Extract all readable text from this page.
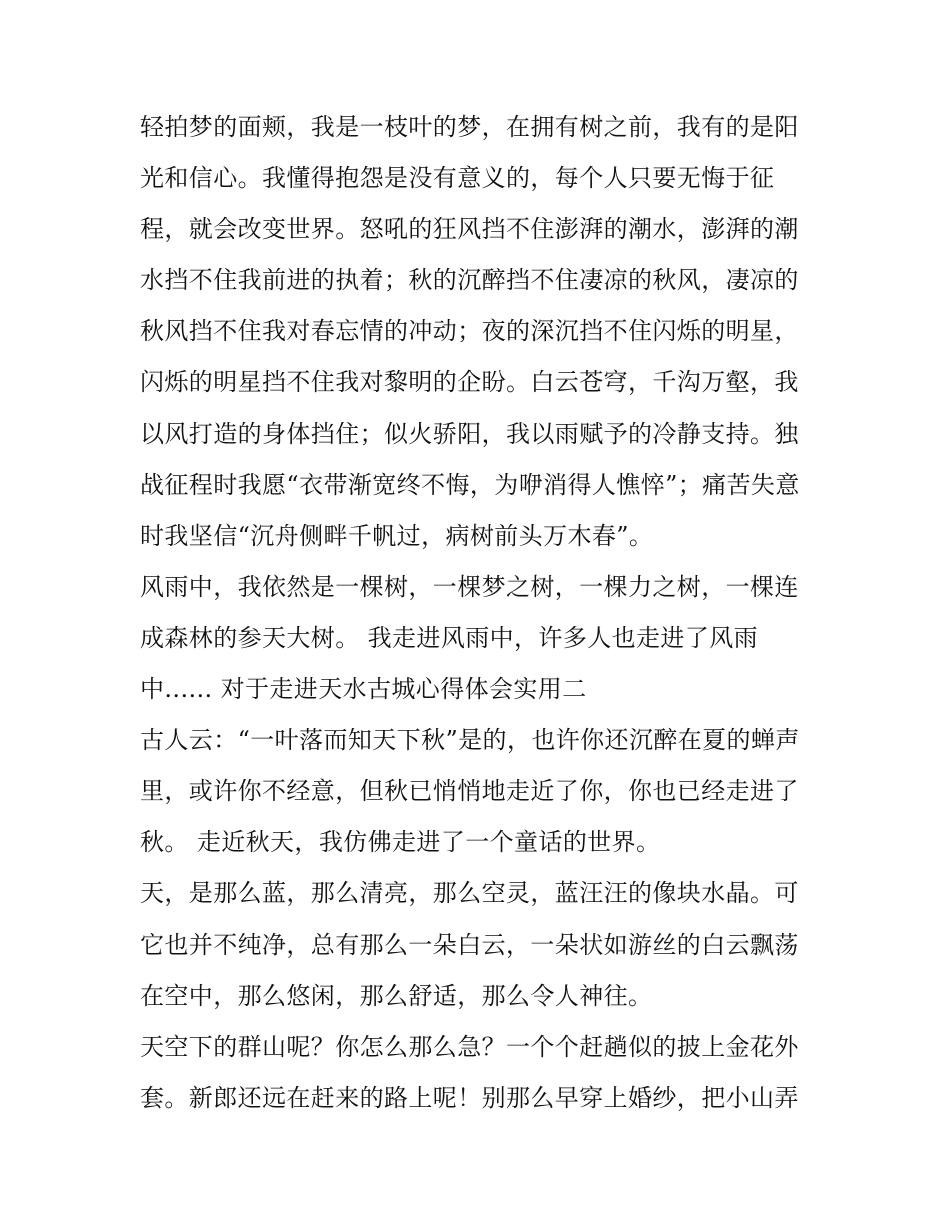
轻拍梦的面颊，我是一枝叶的梦，在拥有树之前，我有的是阳
光和信心。我懂得抱怨是没有意义的，每个人只要无悔于征
程，就会改变世界。怒吼的狂风挡不住澎湃的潮水，澎湃的潮
水挡不住我前进的执着；秋的沉醉挡不住凄凉的秋风，凄凉的
秋风挡不住我对春忘情的冲动；夜的深沉挡不住闪烁的明星，
闪烁的明星挡不住我对黎明的企盼。白云苍穹，千沟万壑，我
以风打造的身体挡住；似火骄阳，我以雨赋予的冷静支持。独
战征程时我愿“衣带渐宽终不悔，为咿消得人憔悴”；痛苦失意
时我坚信“沉舟侧畔千帆过，病树前头万木春”。
风雨中，我依然是一棵树，一棵梦之树，一棵力之树，一棵连
成森林的参天大树。 我走进风雨中，许多人也走进了风雨
中...... 对于走进天水古城心得体会实用二
古人云：“一叶落而知天下秋”是的，也许你还沉醉在夏的蝉声
里，或许你不经意，但秋已悄悄地走近了你，你也已经走进了
秋。 走近秋天，我仿佛走进了一个童话的世界。
天，是那么蓝，那么清亮，那么空灵，蓝汪汪的像块水晶。可
它也并不纯净，总有那么一朵白云，一朵状如游丝的白云飘荡
在空中，那么悠闲，那么舒适，那么令人神往。
天空下的群山呢？你怎么那么急？一个个赶趟似的披上金花外
套。新郎还远在赶来的路上呢！别那么早穿上婚纱，把小山弄
